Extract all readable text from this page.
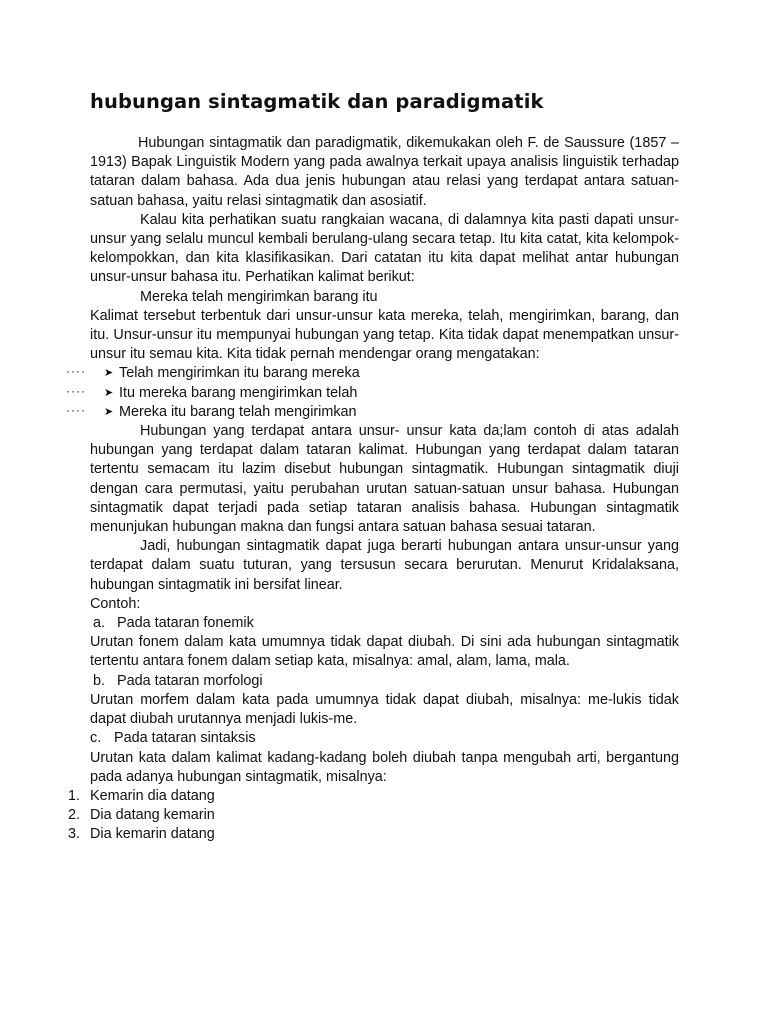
hubungan sintagmatik dan paradigmatik

Hubungan sintagmatik dan paradigmatik, dikemukakan oleh F. de Saussure (1857 – 1913) Bapak Linguistik Modern yang pada awalnya terkait upaya analisis linguistik terhadap tataran dalam bahasa. Ada dua jenis hubungan atau relasi yang terdapat antara satuan-satuan bahasa, yaitu relasi sintagmatik dan asosiatif.

Kalau kita perhatikan suatu rangkaian wacana, di dalamnya kita pasti dapati unsur-unsur yang selalu muncul kembali berulang-ulang secara tetap. Itu kita catat, kita kelompok-kelompokkan, dan kita klasifikasikan. Dari catatan itu kita dapat melihat antar hubungan unsur-unsur bahasa itu. Perhatikan kalimat berikut:

Mereka telah mengirimkan barang itu

Kalimat tersebut terbentuk dari unsur-unsur kata mereka, telah, mengirimkan, barang, dan itu. Unsur-unsur itu mempunyai hubungan yang tetap. Kita tidak dapat menempatkan unsur-unsur itu semau kita. Kita tidak pernah mendengar orang mengatakan:

···· ➤ Telah mengirimkan itu barang mereka

···· ➤ Itu mereka barang mengirimkan telah

···· ➤ Mereka itu barang telah mengirimkan

Hubungan yang terdapat antara unsur- unsur kata da;lam contoh di atas adalah hubungan yang terdapat dalam tataran kalimat. Hubungan yang terdapat dalam tataran tertentu semacam itu lazim disebut hubungan sintagmatik. Hubungan sintagmatik diuji dengan cara permutasi, yaitu perubahan urutan satuan-satuan unsur bahasa. Hubungan sintagmatik dapat terjadi pada setiap tataran analisis bahasa. Hubungan sintagmatik menunjukan hubungan makna dan fungsi antara satuan bahasa sesuai tataran.

Jadi, hubungan sintagmatik dapat juga berarti hubungan antara unsur-unsur yang terdapat dalam suatu tuturan, yang tersusun secara berurutan. Menurut Kridalaksana, hubungan sintagmatik ini bersifat linear.

Contoh:

a. Pada tataran fonemik

Urutan fonem dalam kata umumnya tidak dapat diubah. Di sini ada hubungan sintagmatik tertentu antara fonem dalam setiap kata, misalnya: amal, alam, lama, mala.

b. Pada tataran morfologi

Urutan morfem dalam kata pada umumnya tidak dapat diubah, misalnya: me-lukis tidak dapat diubah urutannya menjadi lukis-me.

c. Pada tataran sintaksis

Urutan kata dalam kalimat kadang-kadang boleh diubah tanpa mengubah arti, bergantung pada adanya hubungan sintagmatik, misalnya:

1. Kemarin dia datang

2. Dia datang kemarin

3. Dia kemarin datang
